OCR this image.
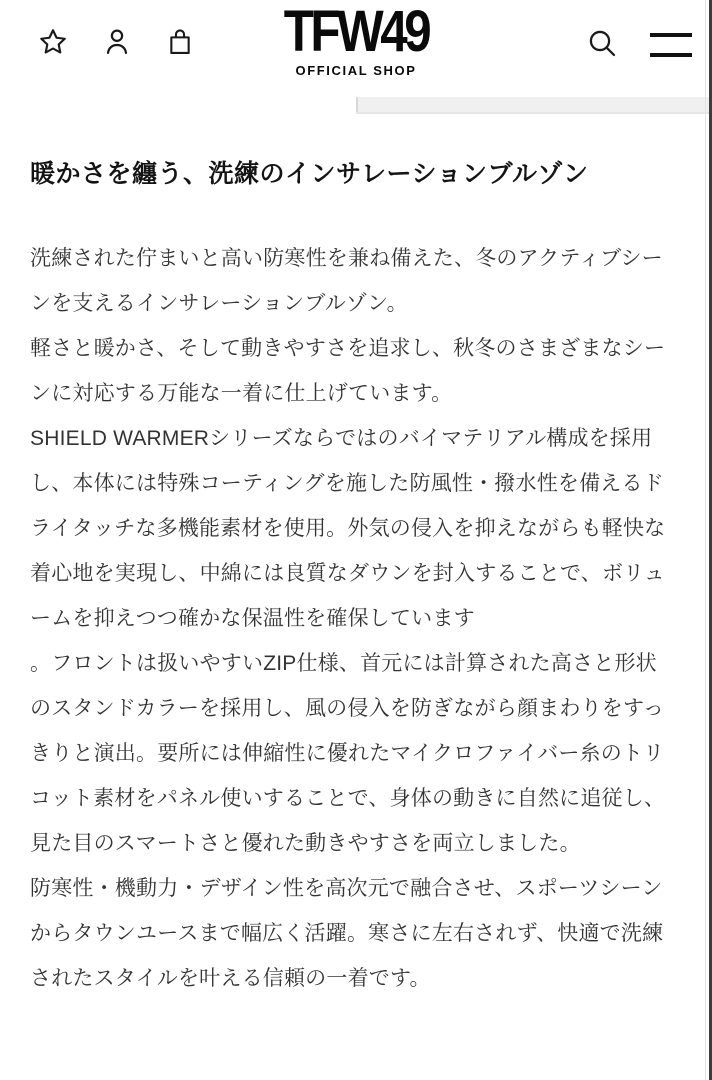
TFW49
OFFICIAL SHOP
暖かさを纏う、洗練のインサレーションブルゾン

洗練された佇まいと高い防寒性を兼ね備えた、冬のアクティブシーンを支えるインサレーションブルゾン。

軽さと暖かさ、そして動きやすさを追求し、秋冬のさまざまなシーンに対応する万能な一着に仕上げています。

SHIELD WARMERシリーズならではのバイマテリアル構成を採用し、本体には特殊コーティングを施した防風性・撥水性を備えるドライタッチな多機能素材を使用。外気の侵入を抑えながらも軽快な着心地を実現し、中綿には良質なダウンを封入することで、ボリュームを抑えつつ確かな保温性を確保しています

。フロントは扱いやすいZIP仕様、首元には計算された高さと形状のスタンドカラーを採用し、風の侵入を防ぎながら顔まわりをすっきりと演出。要所には伸縮性に優れたマイクロファイバー糸のトリコット素材をパネル使いすることで、身体の動きに自然に追従し、見た目のスマートさと優れた動きやすさを両立しました。

防寒性・機動力・デザイン性を高次元で融合させ、スポーツシーンからタウンユースまで幅広く活躍。寒さに左右されず、快適で洗練されたスタイルを叶える信頼の一着です。
